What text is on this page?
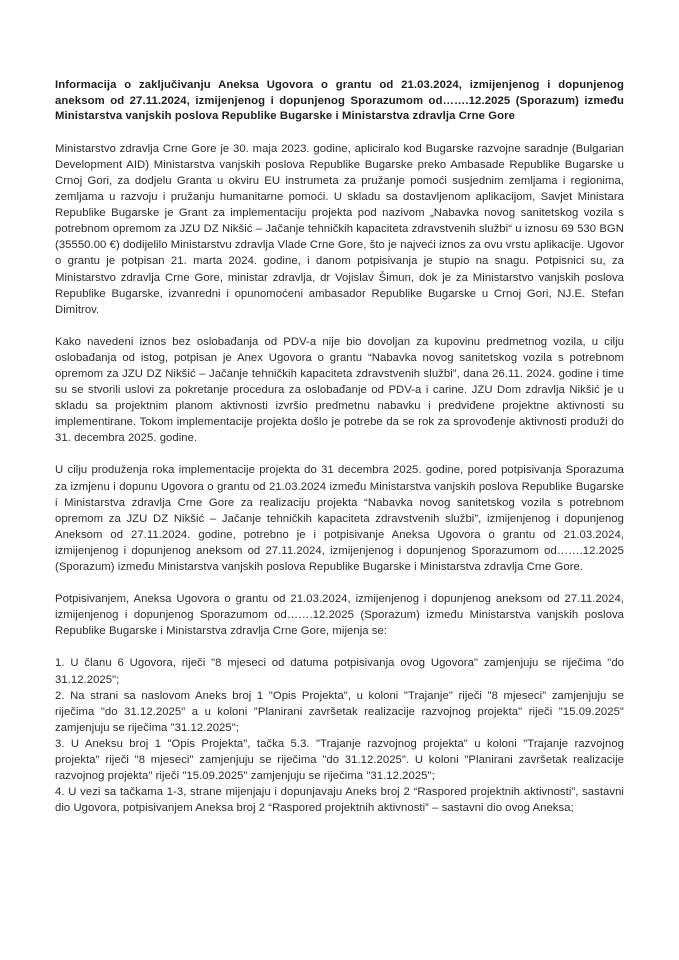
Informacija o zaključivanju Aneksa Ugovora o grantu od 21.03.2024, izmijenjenog i dopunjenog aneksom od 27.11.2024, izmijenjenog i dopunjenog Sporazumom od…….12.2025 (Sporazum) između Ministarstva vanjskih poslova Republike Bugarske i Ministarstva zdravlja Crne Gore

Ministarstvo zdravlja Crne Gore je 30. maja 2023. godine, apliciralo kod Bugarske razvojne saradnje (Bulgarian Development AID) Ministarstva vanjskih poslova Republike Bugarske preko Ambasade Republike Bugarske u Crnoj Gori, za dodjelu Granta u okviru EU instrumeta za pružanje pomoći susjednim zemljama i regionima, zemljama u razvoju i pružanju humanitarne pomoći. U skladu sa dostavljenom aplikacijom, Savjet Ministara Republike Bugarske je Grant za implementaciju projekta pod nazivom „Nabavka novog sanitetskog vozila s potrebnom opremom za JZU DZ Nikšić – Jačanje tehničkih kapaciteta zdravstvenih službi“ u iznosu 69 530 BGN (35550.00 €) dodijelilo Ministarstvu zdravlja Vlade Crne Gore, što je najveći iznos za ovu vrstu aplikacije. Ugovor o grantu je potpisan 21. marta 2024. godine, i danom potpisivanja je stupio na snagu. Potpisnici su, za Ministarstvo zdravlja Crne Gore, ministar zdravlja, dr Vojislav Šimun, dok je za Ministarstvo vanjskih poslova Republike Bugarske, izvanredni i opunomoćeni ambasador Republike Bugarske u Crnoj Gori, NJ.E. Stefan Dimitrov.

Kako navedeni iznos bez oslobađanja od PDV-a nije bio dovoljan za kupovinu predmetnog vozila, u cilju oslobađanja od istog, potpisan je Anex Ugovora o grantu “Nabavka novog sanitetskog vozila s potrebnom opremom za JZU DZ Nikšić – Jačanje tehničkih kapaciteta zdravstvenih službi”, dana 26.11. 2024. godine i time su se stvorili uslovi za pokretanje procedura za oslobađanje od PDV-a i carine. JZU Dom zdravlja Nikšić je u skladu sa projektnim planom aktivnosti izvršio predmetnu nabavku i predviđene projektne aktivnosti su implementirane. Tokom implementacije projekta došlo je potrebe da se rok za sprovođenje aktivnosti produži do 31. decembra 2025. godine.

U cilju produženja roka implementacije projekta do 31 decembra 2025. godine, pored potpisivanja Sporazuma za izmjenu i dopunu Ugovora o grantu od 21.03.2024 između Ministarstva vanjskih poslova Republike Bugarske i Ministarstva zdravlja Crne Gore za realizaciju projekta “Nabavka novog sanitetskog vozila s potrebnom opremom za JZU DZ Nikšić – Jačanje tehničkih kapaciteta zdravstvenih službi”, izmijenjenog i dopunjenog Aneksom od 27.11.2024. godine, potrebno je i potpisivanje Aneksa Ugovora o grantu od 21.03.2024, izmijenjenog i dopunjenog aneksom od 27.11.2024, izmijenjenog i dopunjenog Sporazumom od…….12.2025 (Sporazum) između Ministarstva vanjskih poslova Republike Bugarske i Ministarstva zdravlja Crne Gore.

Potpisivanjem, Aneksa Ugovora o grantu od 21.03.2024, izmijenjenog i dopunjenog aneksom od 27.11.2024, izmijenjenog i dopunjenog Sporazumom od…….12.2025 (Sporazum) između Ministarstva vanjskih poslova Republike Bugarske i Ministarstva zdravlja Crne Gore, mijenja se:

1. U članu 6 Ugovora, riječi "8 mjeseci od datuma potpisivanja ovog Ugovora" zamjenjuju se riječima "do 31.12.2025";

2. Na strani sa naslovom Aneks broj 1 "Opis Projekta", u koloni "Trajanje" riječi "8 mjeseci" zamjenjuju se riječima "do 31.12.2025" a u koloni "Planirani završetak realizacije razvojnog projekta" riječi "15.09.2025" zamjenjuju se riječima "31.12.2025";

3. U Aneksu broj 1 "Opis Projekta", tačka 5.3. "Trajanje razvojnog projekta" u koloni "Trajanje razvojnog projekta" riječi "8 mjeseci" zamjenjuju se riječima "do 31.12.2025". U koloni "Planirani završetak realizacije razvojnog projekta" riječi "15.09.2025" zamjenjuju se riječima "31.12.2025";

4. U vezi sa tačkama 1-3, strane mijenjaju i dopunjavaju Aneks broj 2 “Raspored projektnih aktivnosti”, sastavni dio Ugovora, potpisivanjem Aneksa broj 2 “Raspored projektnih aktivnosti” – sastavni dio ovog Aneksa;
